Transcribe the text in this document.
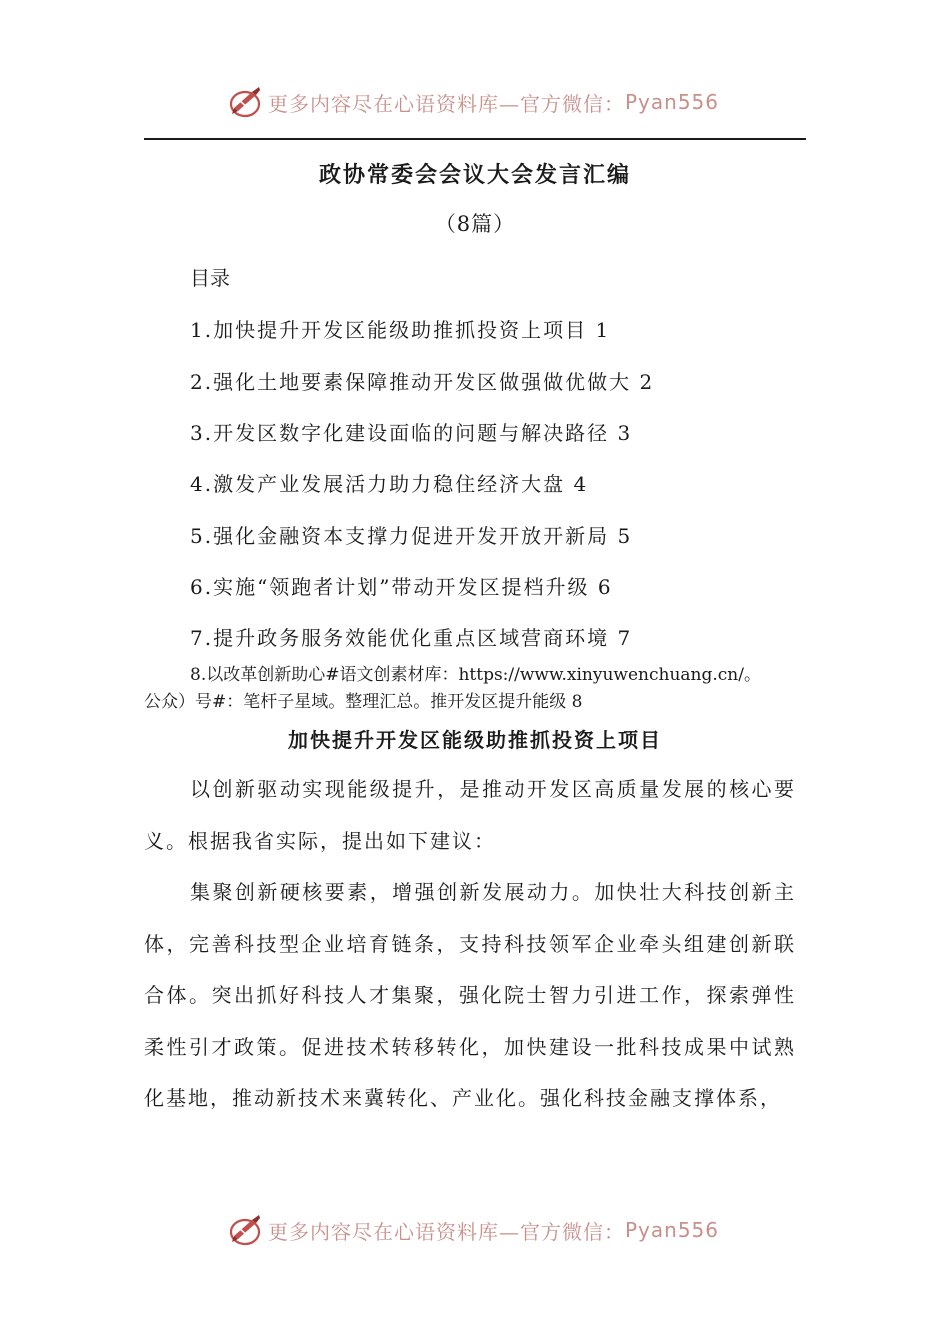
更多内容尽在心语资料库—官方微信： Pyan556
政协常委会会议大会发言汇编
（8篇）
目录
1.加快提升开发区能级助推抓投资上项目 1
2.强化土地要素保障推动开发区做强做优做大 2
3.开发区数字化建设面临的问题与解决路径 3
4.激发产业发展活力助力稳住经济大盘 4
5.强化金融资本支撑力促进开发开放开新局 5
6.实施“领跑者计划”带动开发区提档升级 6
7.提升政务服务效能优化重点区域营商环境 7
8.以改革创新助心#语文创素材库：https://www.xinyuwenchuang.cn/。
公众）号#：笔杆子星域。整理汇总。推开发区提升能级 8
加快提升开发区能级助推抓投资上项目

以创新驱动实现能级提升，是推动开发区高质量发展的核心要义。根据我省实际，提出如下建议：

集聚创新硬核要素，增强创新发展动力。加快壮大科技创新主体，完善科技型企业培育链条，支持科技领军企业牵头组建创新联合体。突出抓好科技人才集聚，强化院士智力引进工作，探索弹性柔性引才政策。促进技术转移转化，加快建设一批科技成果中试熟化基地，推动新技术来冀转化、产业化。强化科技金融支撑体系，

更多内容尽在心语资料库—官方微信： Pyan556
